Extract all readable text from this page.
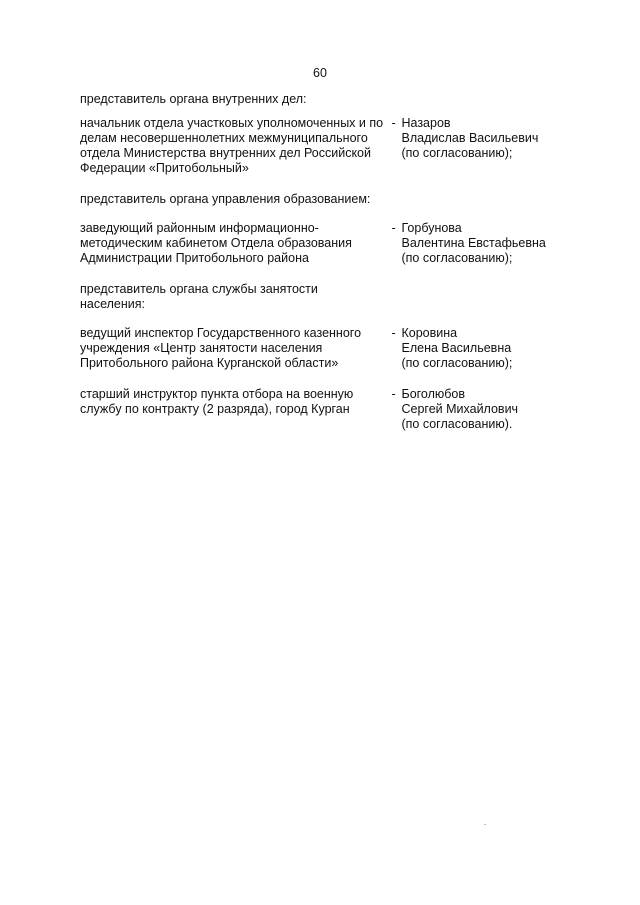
60
представитель органа внутренних дел:
начальник отдела участковых уполномоченных и по делам несовершеннолетних межмуниципального отдела Министерства внутренних дел Российской Федерации «Притобольный»
- Назаров
Владислав Васильевич
(по согласованию);
представитель органа управления образованием:
заведующий районным информационно-методическим кабинетом Отдела образования Администрации Притобольного района
- Горбунова
Валентина Евстафьевна
(по согласованию);
представитель органа службы занятости населения:
ведущий инспектор Государственного казенного учреждения «Центр занятости населения Притобольного района Курганской области»
- Коровина
Елена Васильевна
(по согласованию);
старший инструктор пункта отбора на военную службу по контракту (2 разряда), город Курган
- Боголюбов
Сергей Михайлович
(по согласованию).
